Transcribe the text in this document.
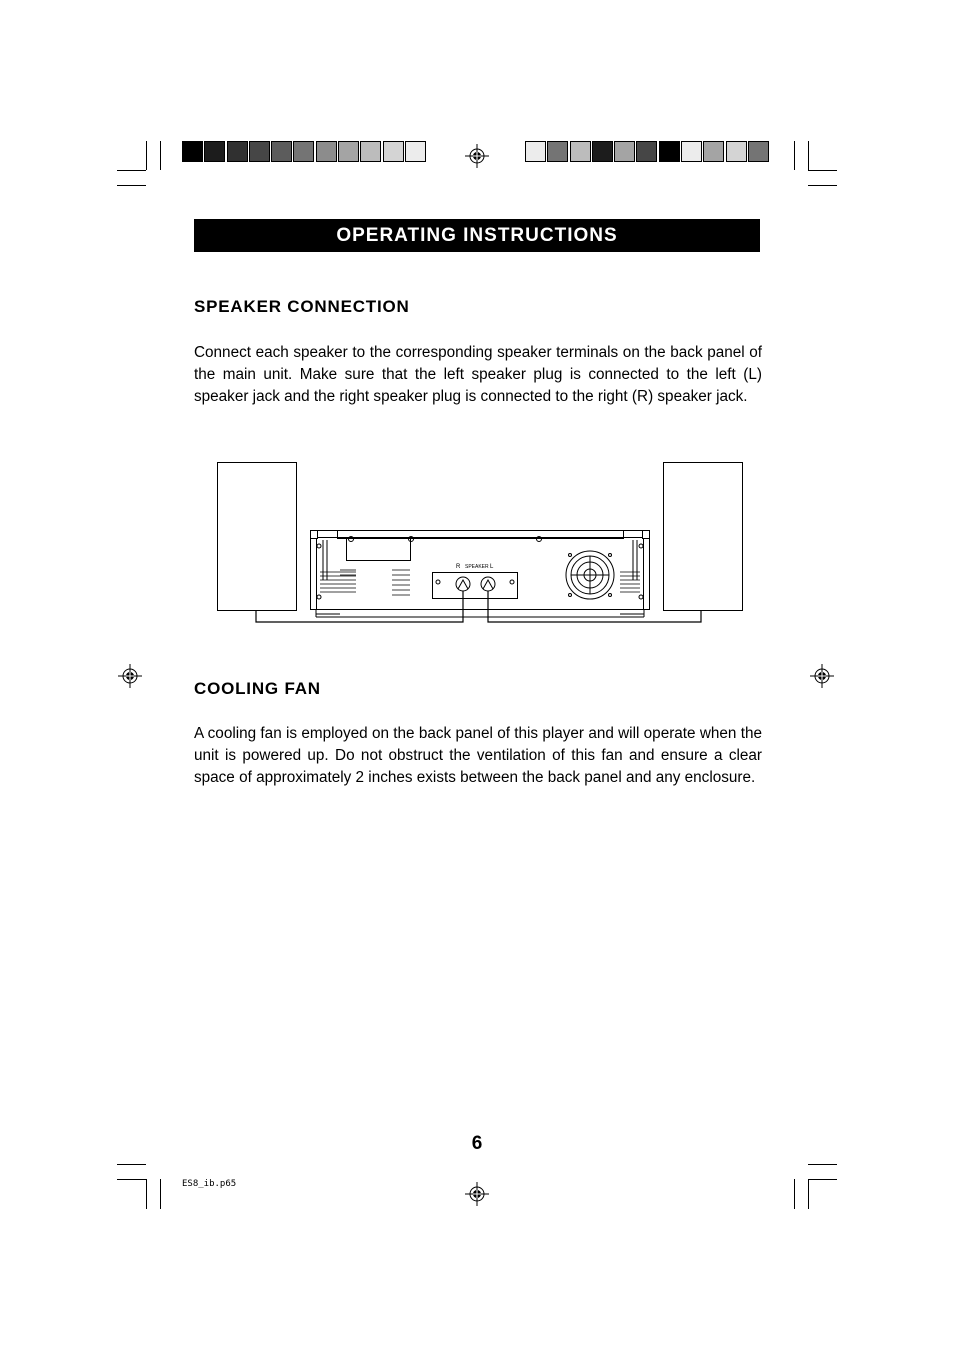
OPERATING INSTRUCTIONS
SPEAKER CONNECTION
Connect each speaker to the corresponding speaker terminals on the back panel of the main unit. Make sure that the left speaker plug is connected to the left (L) speaker jack and the right speaker plug is connected to the right (R) speaker jack.
R SPEAKER L
COOLING FAN
A cooling fan is employed on the back panel of this player and will operate when the unit is powered up. Do not obstruct the ventilation of this fan and ensure a clear space of approximately 2 inches exists between the back panel and any enclosure.
6
ES8_ib.p65
